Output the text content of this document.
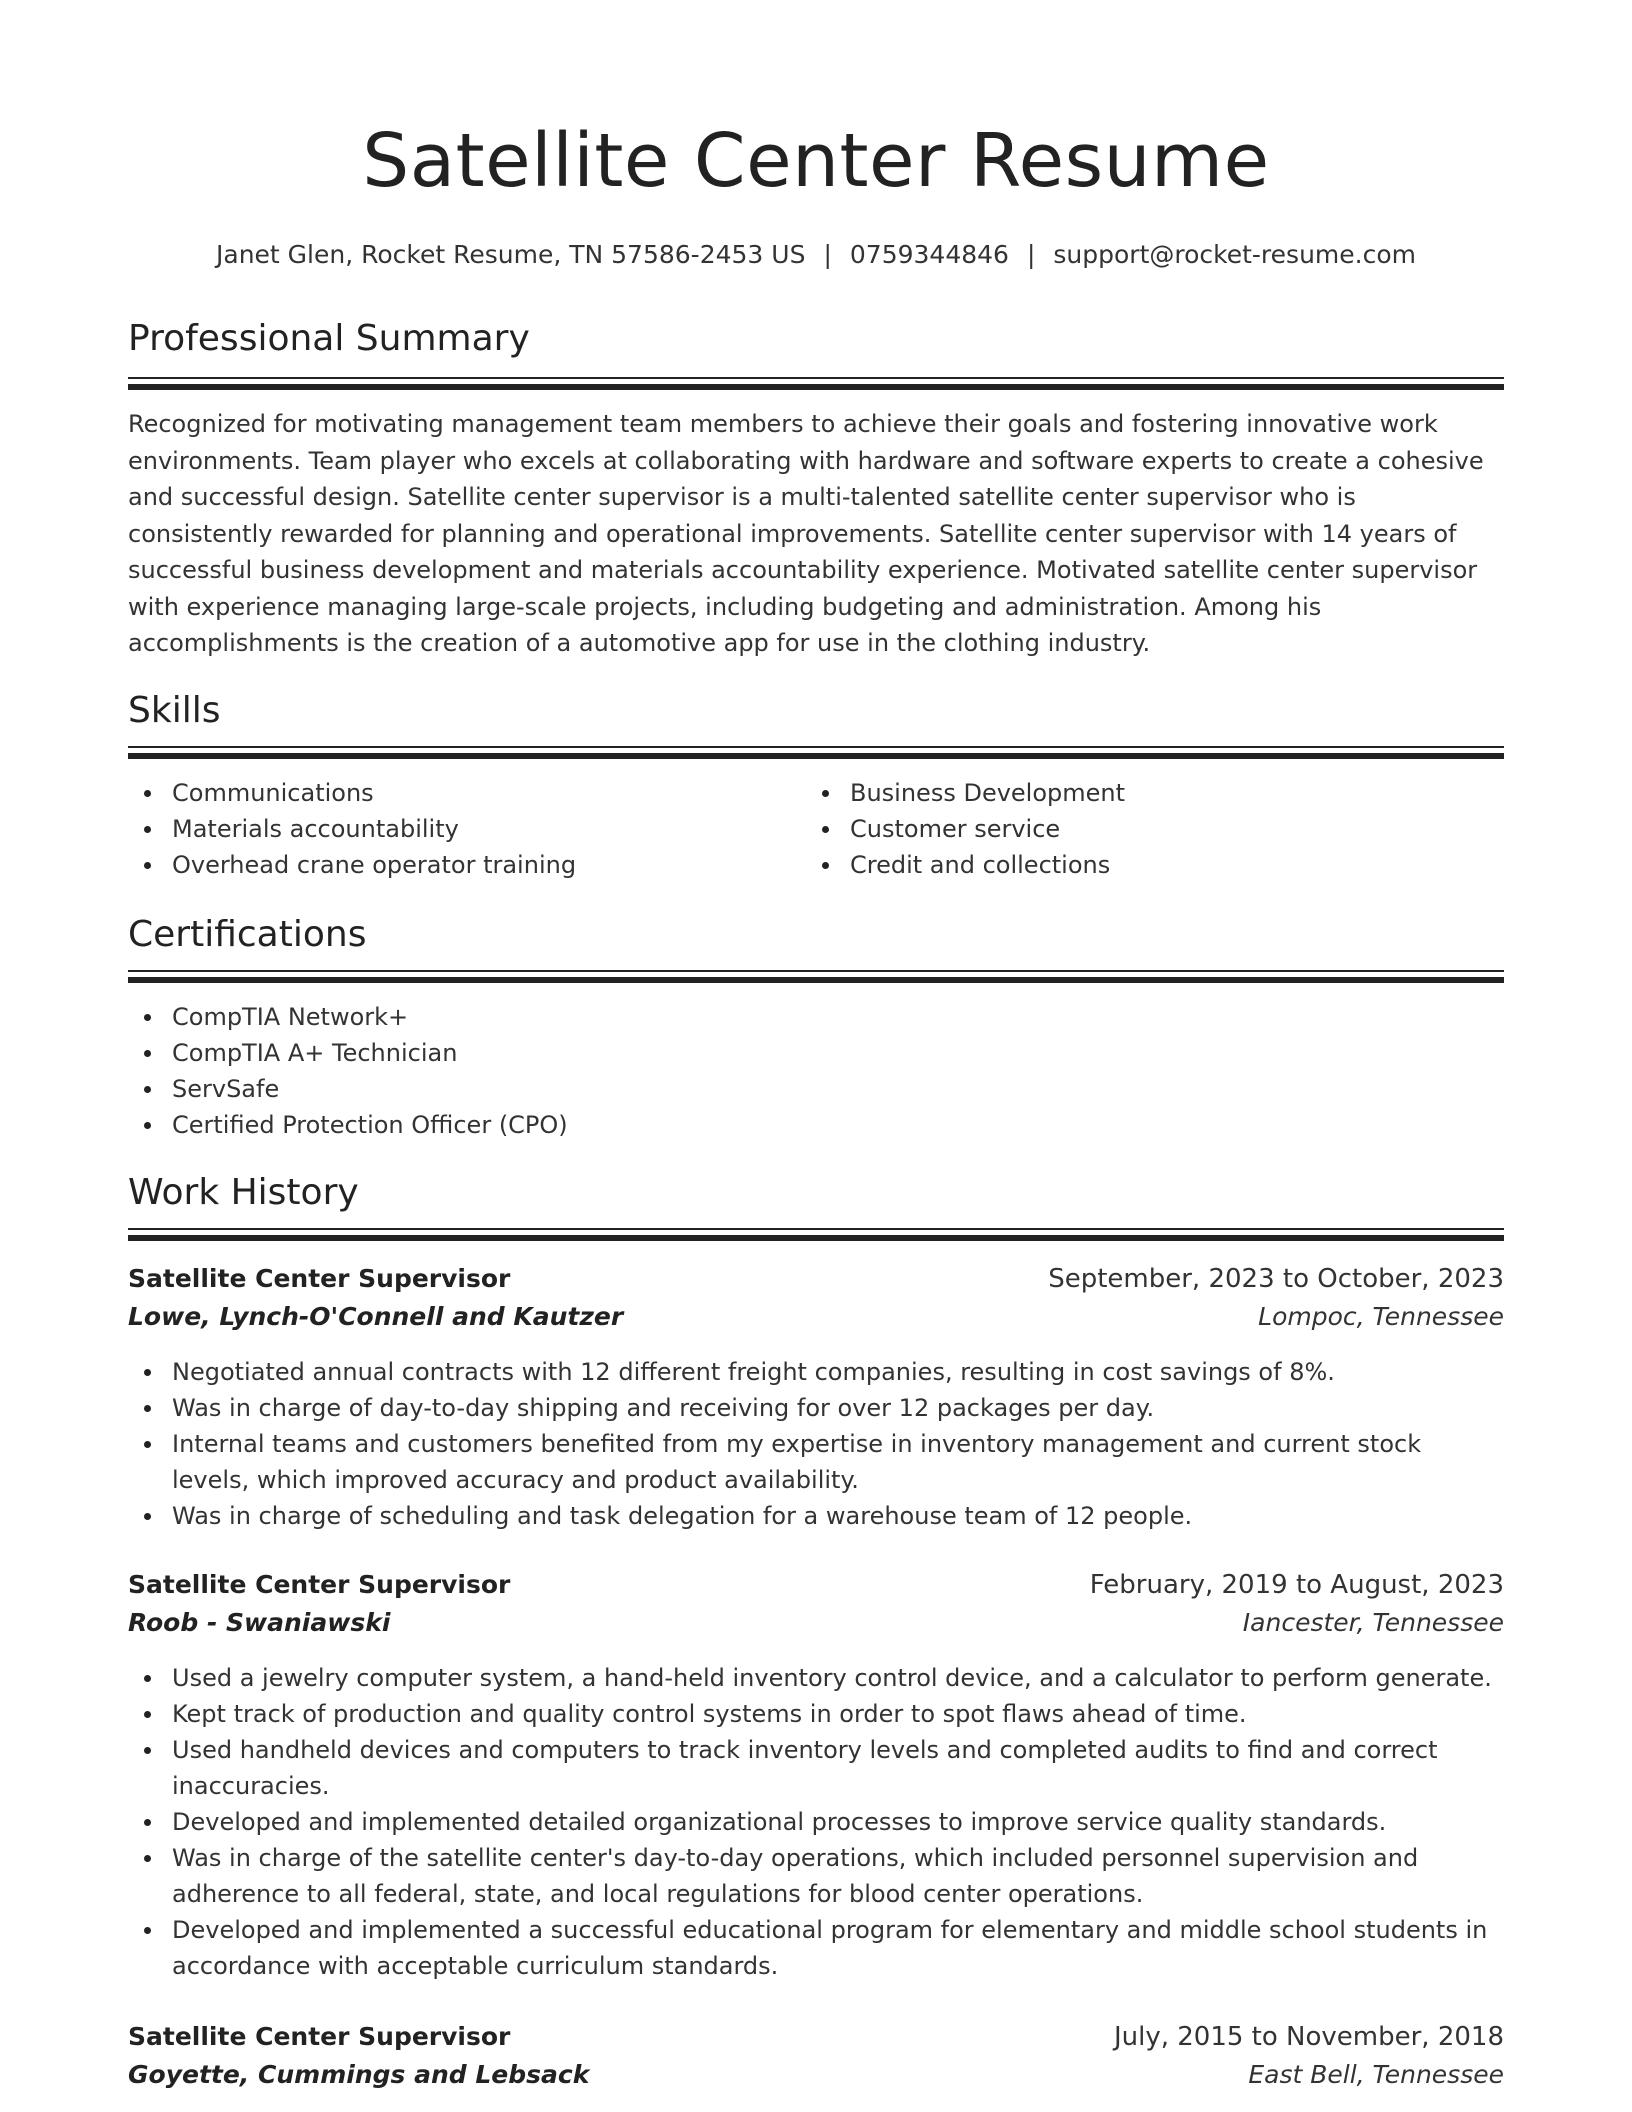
Satellite Center Resume
Janet Glen, Rocket Resume, TN 57586-2453 US | 0759344846 | support@rocket-resume.com
Professional Summary
Recognized for motivating management team members to achieve their goals and fostering innovative work environments. Team player who excels at collaborating with hardware and software experts to create a cohesive and successful design. Satellite center supervisor is a multi-talented satellite center supervisor who is consistently rewarded for planning and operational improvements. Satellite center supervisor with 14 years of successful business development and materials accountability experience. Motivated satellite center supervisor with experience managing large-scale projects, including budgeting and administration. Among his accomplishments is the creation of a automotive app for use in the clothing industry.
Skills
Communications
Materials accountability
Overhead crane operator training
Business Development
Customer service
Credit and collections
Certifications
CompTIA Network+
CompTIA A+ Technician
ServSafe
Certified Protection Officer (CPO)
Work History
Satellite Center Supervisor	September, 2023 to October, 2023
Lowe, Lynch-O'Connell and Kautzer	Lompoc, Tennessee
Negotiated annual contracts with 12 different freight companies, resulting in cost savings of 8%.
Was in charge of day-to-day shipping and receiving for over 12 packages per day.
Internal teams and customers benefited from my expertise in inventory management and current stock levels, which improved accuracy and product availability.
Was in charge of scheduling and task delegation for a warehouse team of 12 people.
Satellite Center Supervisor	February, 2019 to August, 2023
Roob - Swaniawski	Iancester, Tennessee
Used a jewelry computer system, a hand-held inventory control device, and a calculator to perform generate.
Kept track of production and quality control systems in order to spot flaws ahead of time.
Used handheld devices and computers to track inventory levels and completed audits to find and correct inaccuracies.
Developed and implemented detailed organizational processes to improve service quality standards.
Was in charge of the satellite center's day-to-day operations, which included personnel supervision and adherence to all federal, state, and local regulations for blood center operations.
Developed and implemented a successful educational program for elementary and middle school students in accordance with acceptable curriculum standards.
Satellite Center Supervisor	July, 2015 to November, 2018
Goyette, Cummings and Lebsack	East Bell, Tennessee
